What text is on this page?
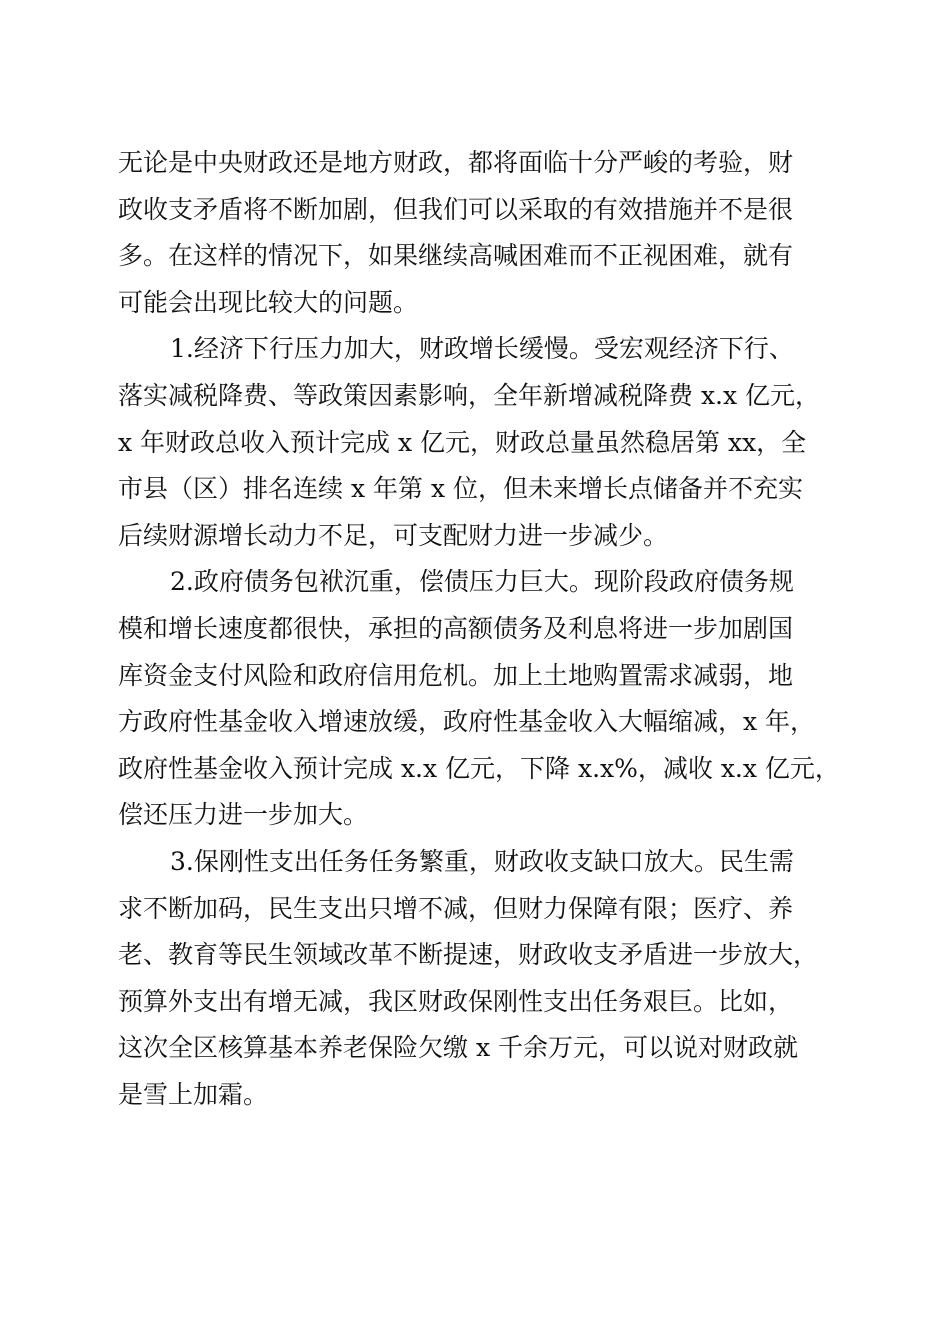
无论是中央财政还是地方财政，都将面临十分严峻的考验，财
政收支矛盾将不断加剧，但我们可以采取的有效措施并不是很
多。在这样的情况下，如果继续高喊困难而不正视困难，就有
可能会出现比较大的问题。
1.经济下行压力加大，财政增长缓慢。受宏观经济下行、
落实减税降费、等政策因素影响，全年新增减税降费 x.x 亿元，
x 年财政总收入预计完成 x 亿元，财政总量虽然稳居第 xx，全
市县（区）排名连续 x 年第 x 位，但未来增长点储备并不充实
后续财源增长动力不足，可支配财力进一步减少。
2.政府债务包袱沉重，偿债压力巨大。现阶段政府债务规
模和增长速度都很快，承担的高额债务及利息将进一步加剧国
库资金支付风险和政府信用危机。加上土地购置需求减弱，地
方政府性基金收入增速放缓，政府性基金收入大幅缩减，x 年，
政府性基金收入预计完成 x.x 亿元，下降 x.x%，减收 x.x 亿元，
偿还压力进一步加大。
3.保刚性支出任务任务繁重，财政收支缺口放大。民生需
求不断加码，民生支出只增不减，但财力保障有限；医疗、养
老、教育等民生领域改革不断提速，财政收支矛盾进一步放大，
预算外支出有增无减，我区财政保刚性支出任务艰巨。比如，
这次全区核算基本养老保险欠缴 x 千余万元，可以说对财政就
是雪上加霜。
